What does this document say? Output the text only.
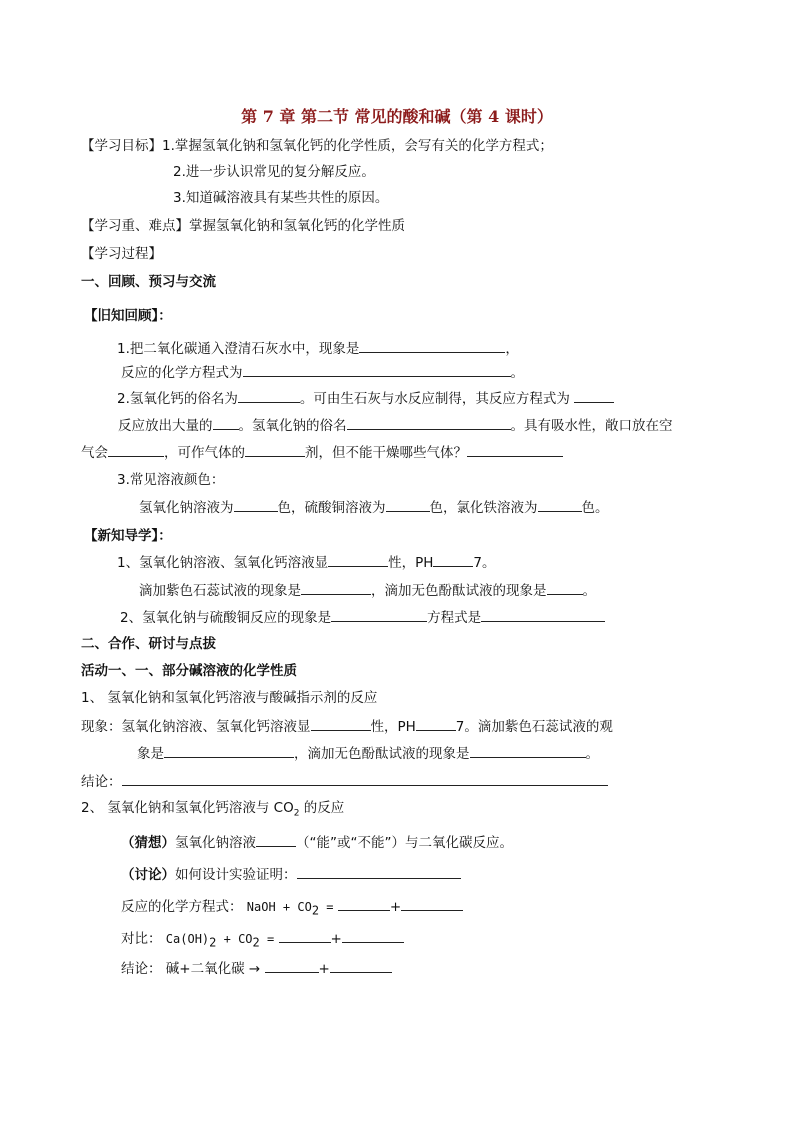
第 7 章 第二节 常见的酸和碱（第 4 课时）
【学习目标】1.掌握氢氧化钠和氢氧化钙的化学性质，会写有关的化学方程式；
2.进一步认识常见的复分解反应。
3.知道碱溶液具有某些共性的原因。
【学习重、难点】掌握氢氧化钠和氢氧化钙的化学性质
【学习过程】
一、回顾、预习与交流
【旧知回顾】：
1.把二氧化碳通入澄清石灰水中，现象是	，
反应的化学方程式为	。
2.氢氧化钙的俗名为	。可由生石灰与水反应制得，其反应方程式为
反应放出大量的 。氢氧化钠的俗名	。具有吸水性，敞口放在空
气会	，可作气体的	剂，但不能干燥哪些气体？
3.常见溶液颜色：
氢氧化钠溶液为	色，硫酸铜溶液为	色，氯化铁溶液为	色。
【新知导学】：
1、氢氧化钠溶液、氢氧化钙溶液显	性，PH	7。
滴加紫色石蕊试液的现象是	，滴加无色酚酞试液的现象是	。
2、氢氧化钠与硫酸铜反应的现象是	方程式是
二、合作、研讨与点拔
活动一、一、部分碱溶液的化学性质
1、 氢氧化钠和氢氧化钙溶液与酸碱指示剂的反应
现象：氢氧化钠溶液、氢氧化钙溶液显	性，PH	7。滴加紫色石蕊试液的观
象是	，滴加无色酚酞试液的现象是	。
结论：
2、 氢氧化钠和氢氧化钙溶液与 $CO_2$ 的反应
（猜想）氢氧化钠溶液	（“能”或“不能”）与二氧化碳反应。
（讨论）如何设计实验证明：
反应的化学方程式： NaOH + $CO_2$ =	+
对比： $Ca(OH)_2 + CO_2$ =	+
结论： 碱+二氧化碳 →	+
